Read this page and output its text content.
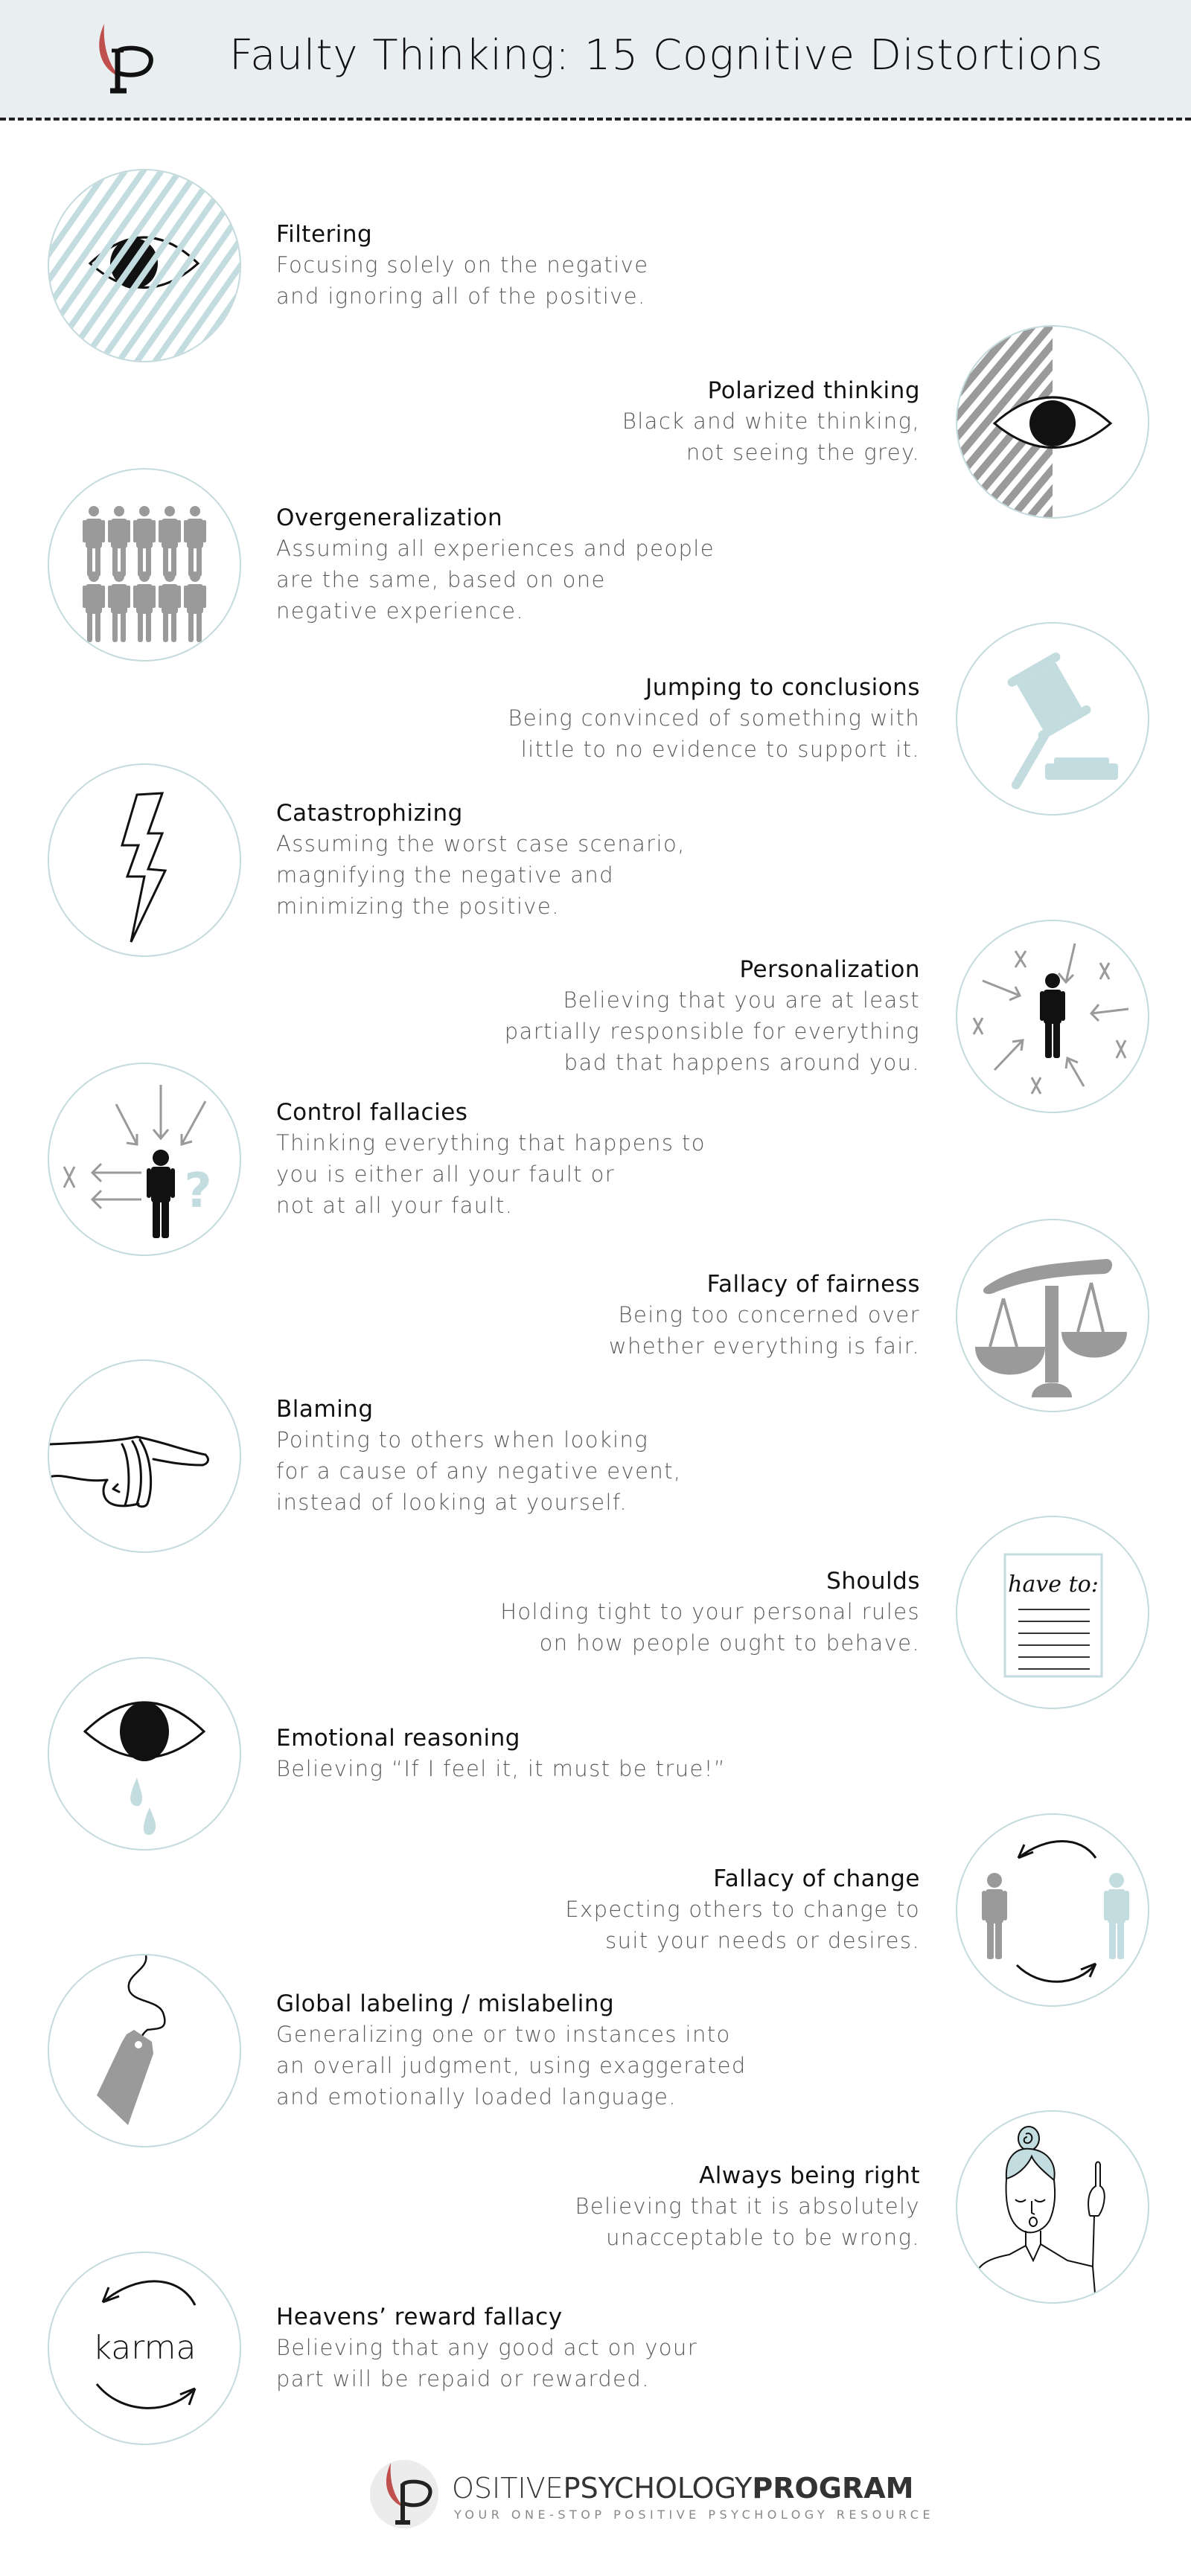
Faulty Thinking: 15 Cognitive Distortions
Filtering
Focusing solely on the negative
and ignoring all of the positive.
Polarized thinking
Black and white thinking,
not seeing the grey.
Overgeneralization
Assuming all experiences and people
are the same, based on one
negative experience.
Jumping to conclusions
Being convinced of something with
little to no evidence to support it.
Catastrophizing
Assuming the worst case scenario,
magnifying the negative and
minimizing the positive.
Personalization
Believing that you are at least
partially responsible for everything
bad that happens around you.
?
Control fallacies
Thinking everything that happens to
you is either all your fault or
not at all your fault.
Fallacy of fairness
Being too concerned over
whether everything is fair.
Blaming
Pointing to others when looking
for a cause of any negative event,
instead of looking at yourself.
have to:
Shoulds
Holding tight to your personal rules
on how people ought to behave.
Emotional reasoning
Believing “If I feel it, it must be true!”
Fallacy of change
Expecting others to change to
suit your needs or desires.
Global labeling / mislabeling
Generalizing one or two instances into
an overall judgment, using exaggerated
and emotionally loaded language.
Always being right
Believing that it is absolutely
unacceptable to be wrong.
karma
Heavens’ reward fallacy
Believing that any good act on your
part will be repaid or rewarded.
OSITIVEPSYCHOLOGYPROGRAM
YOUR ONE-STOP POSITIVE PSYCHOLOGY RESOURCE
